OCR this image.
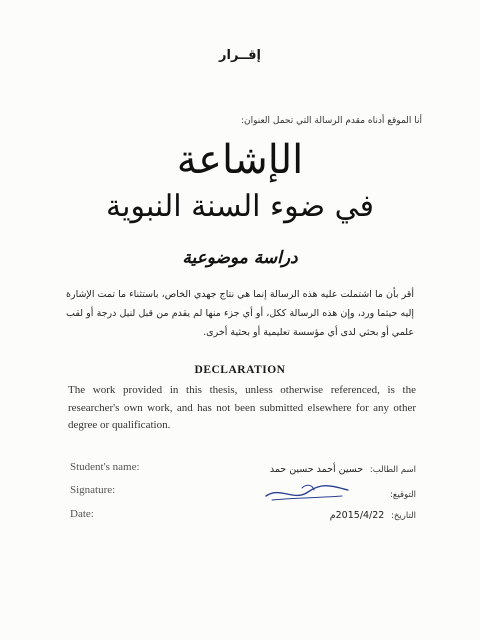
إقــرار
أنا الموقع أدناه مقدم الرسالة التي تحمل العنوان:
الإشاعة
في ضوء السنة النبوية
دراسة موضوعية
أقر بأن ما اشتملت عليه هذه الرسالة إنما هي نتاج جهدي الخاص، باستثناء ما تمت الإشارة إليه حيثما ورد، وإن هذه الرسالة ككل، أو أي جزء منها لم يقدم من قبل لنيل درجة أو لقب علمي أو بحثي لدى أي مؤسسة تعليمية أو بحثية أخرى.
DECLARATION
The work provided in this thesis, unless otherwise referenced, is the researcher's own work, and has not been submitted elsewhere for any other degree or qualification.
Student's name:
Signature:
Date:
اسم الطالب: حسين أحمد حسين حمد
التوقيع:
التاريخ: 2015/4/22م
